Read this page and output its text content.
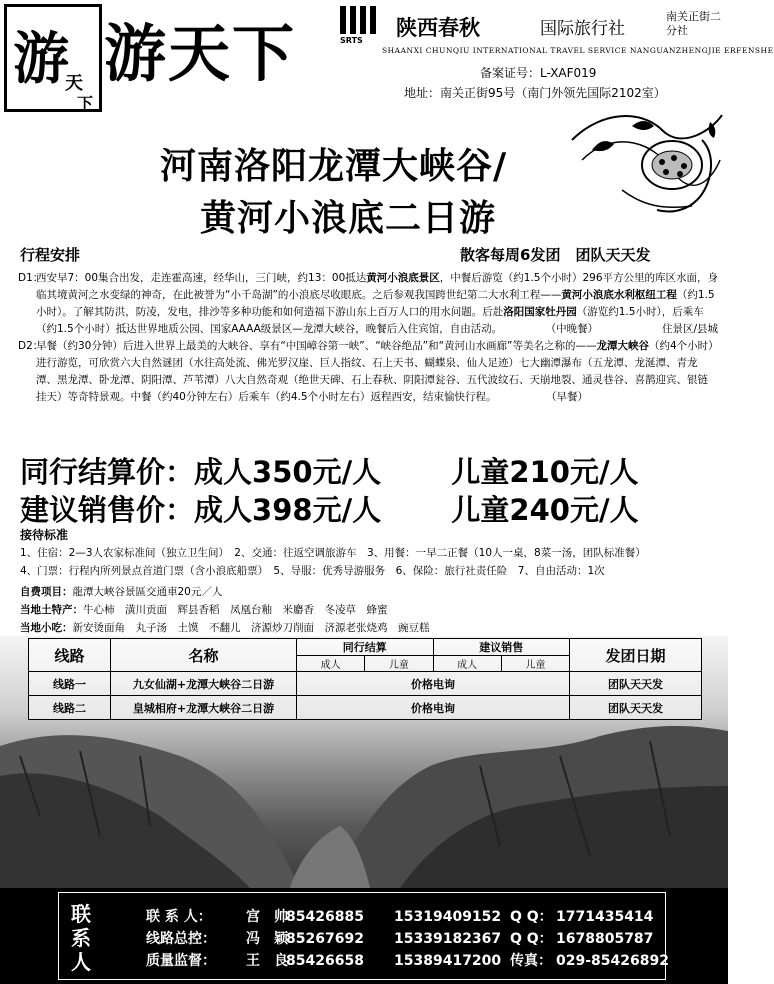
游
天
下
游天下	SRTS
陕西春秋	国际旅行社
南关正街二分社
SHAANXI CHUNQIU INTERNATIONAL TRAVEL SERVICE NANGUANZHENGJIE ERFENSHE
备案证号：L-XAF019
地址：南关正街95号（南门外领先国际2102室）
河南洛阳龙潭大峡谷/
黄河小浪底二日游
行程安排	散客每周6发团　团队天天发

D1：
西安早7：00集合出发，走连霍高速，经华山，三门峡，约13：00抵达黄河小浪底景区，中餐后游览（约1.5个小时）296平方公里的库区水面，身临其境黄河之水变绿的神奇，在此被誉为“小千岛湖”的小浪底尽收眼底。之后参观我国跨世纪第二大水利工程——黄河小浪底水利枢纽工程（约1.5小时）。了解其防洪，防凌，发电，排沙等多种功能和如何造福下游山东上百万人口的用水问题。后赴洛阳国家牡丹园（游览约1.5小时），后乘车（约1.5个小时）抵达世界地质公园、国家AAAA级景区—龙潭大峡谷，晚餐后入住宾馆，自由活动。	（中晚餐）	住景区/县城

D2：
早餐（约30分钟）后进入世界上最美的大峡谷、享有“中国嶂谷第一峡”、“峡谷绝品”和“黄河山水画廊”等美名之称的——龙潭大峡谷（约4个小时）进行游览，可欣赏六大自然谜团（水往高处流、佛光罗汉崖、巨人指纹、石上天书、蝴蝶泉、仙人足迹）七大幽潭瀑布（五龙潭、龙涎潭、青龙潭、黑龙潭、卧龙潭、阴阳潭、芦苇潭）八大自然奇观（绝世天碑、石上春秋、阴阳潭瓮谷、五代波纹石、天崩地裂、通灵巷谷、喜鹊迎宾、银链挂天）等奇特景观。中餐（约40分钟左右）后乘车（约4.5个小时左右）返程西安，结束愉快行程。	（早餐）

同行结算价：成人350元/人 儿童210元/人
建议销售价：成人398元/人 儿童240元/人
接待标准
1、住宿：2—3人农家标准间（独立卫生间）　2、交通：往返空调旅游车　3、用餐：一早二正餐（10人一桌，8菜一汤，团队标准餐）
4、门票：行程内所列景点首道门票（含小浪底船票）　5、导服：优秀导游服务　6、保险：旅行社责任险　7、自由活动：1次
自费项目：龍潭大峽谷景區交通車20元／人
当地土特产：牛心柿　潢川贡面　辉县香稻　凤凰台釉　米麝香　冬凌草　蜂蜜
当地小吃：新安烫面角　丸子汤　土馍　不翻儿　济源炒刀削面　济源老张烧鸡　豌豆糕
线路	名称	同行结算		建议销售		发团日期
		成人	儿童	成人	儿童	
线路一	九女仙湖+龙潭大峡谷二日游	价格电询				团队天天发
线路二	皇城相府+龙潭大峡谷二日游	价格电询				团队天天发
联
系
人
联 系 人： 宫　帅85426885 15319409152 Q Q： 1771435414
线路总控： 冯　颖85267692 15339182367 Q Q： 1678805787
质量监督： 王　良85426658 15389417200 传真： 029-85426892
